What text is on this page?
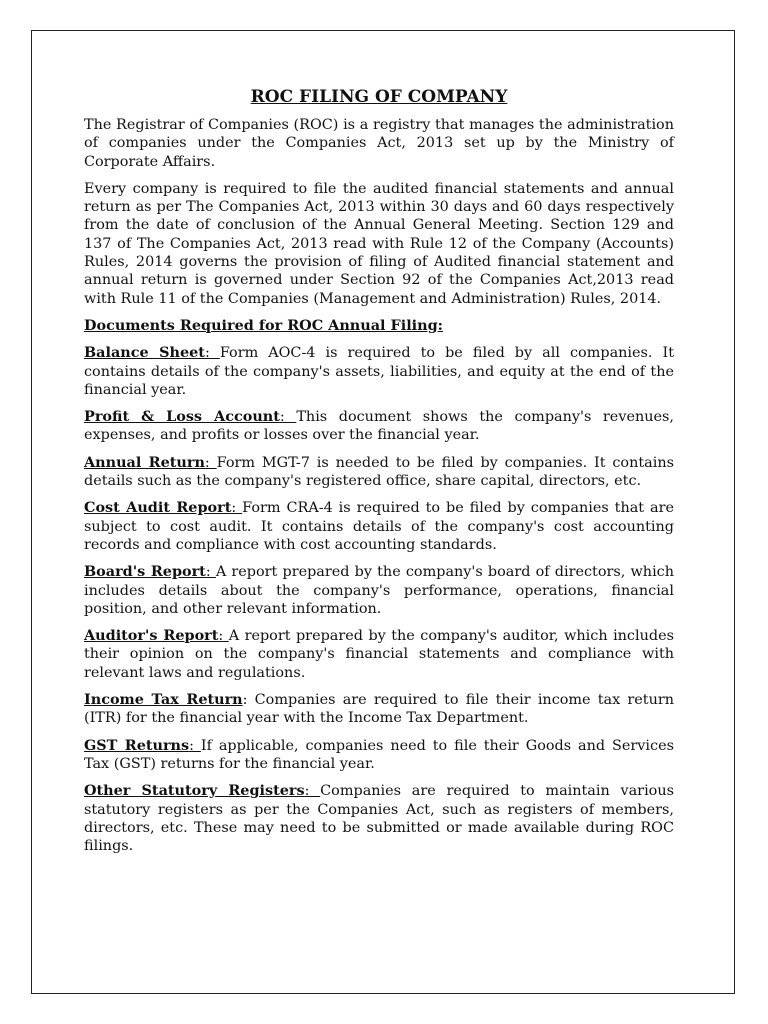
ROC FILING OF COMPANY

The Registrar of Companies (ROC) is a registry that manages the administration of companies under the Companies Act, 2013 set up by the Ministry of Corporate Affairs.

Every company is required to file the audited financial statements and annual return as per The Companies Act, 2013 within 30 days and 60 days respectively from the date of conclusion of the Annual General Meeting. Section 129 and 137 of The Companies Act, 2013 read with Rule 12 of the Company (Accounts) Rules, 2014 governs the provision of filing of Audited financial statement and annual return is governed under Section 92 of the Companies Act,2013 read with Rule 11 of the Companies (Management and Administration) Rules, 2014.

Documents Required for ROC Annual Filing:

Balance Sheet: Form AOC-4 is required to be filed by all companies. It contains details of the company's assets, liabilities, and equity at the end of the financial year.

Profit & Loss Account: This document shows the company's revenues, expenses, and profits or losses over the financial year.

Annual Return: Form MGT-7 is needed to be filed by companies. It contains details such as the company's registered office, share capital, directors, etc.

Cost Audit Report: Form CRA-4 is required to be filed by companies that are subject to cost audit. It contains details of the company's cost accounting records and compliance with cost accounting standards.

Board's Report: A report prepared by the company's board of directors, which includes details about the company's performance, operations, financial position, and other relevant information.

Auditor's Report: A report prepared by the company's auditor, which includes their opinion on the company's financial statements and compliance with relevant laws and regulations.

Income Tax Return: Companies are required to file their income tax return (ITR) for the financial year with the Income Tax Department.

GST Returns: If applicable, companies need to file their Goods and Services Tax (GST) returns for the financial year.

Other Statutory Registers: Companies are required to maintain various statutory registers as per the Companies Act, such as registers of members, directors, etc. These may need to be submitted or made available during ROC filings.
